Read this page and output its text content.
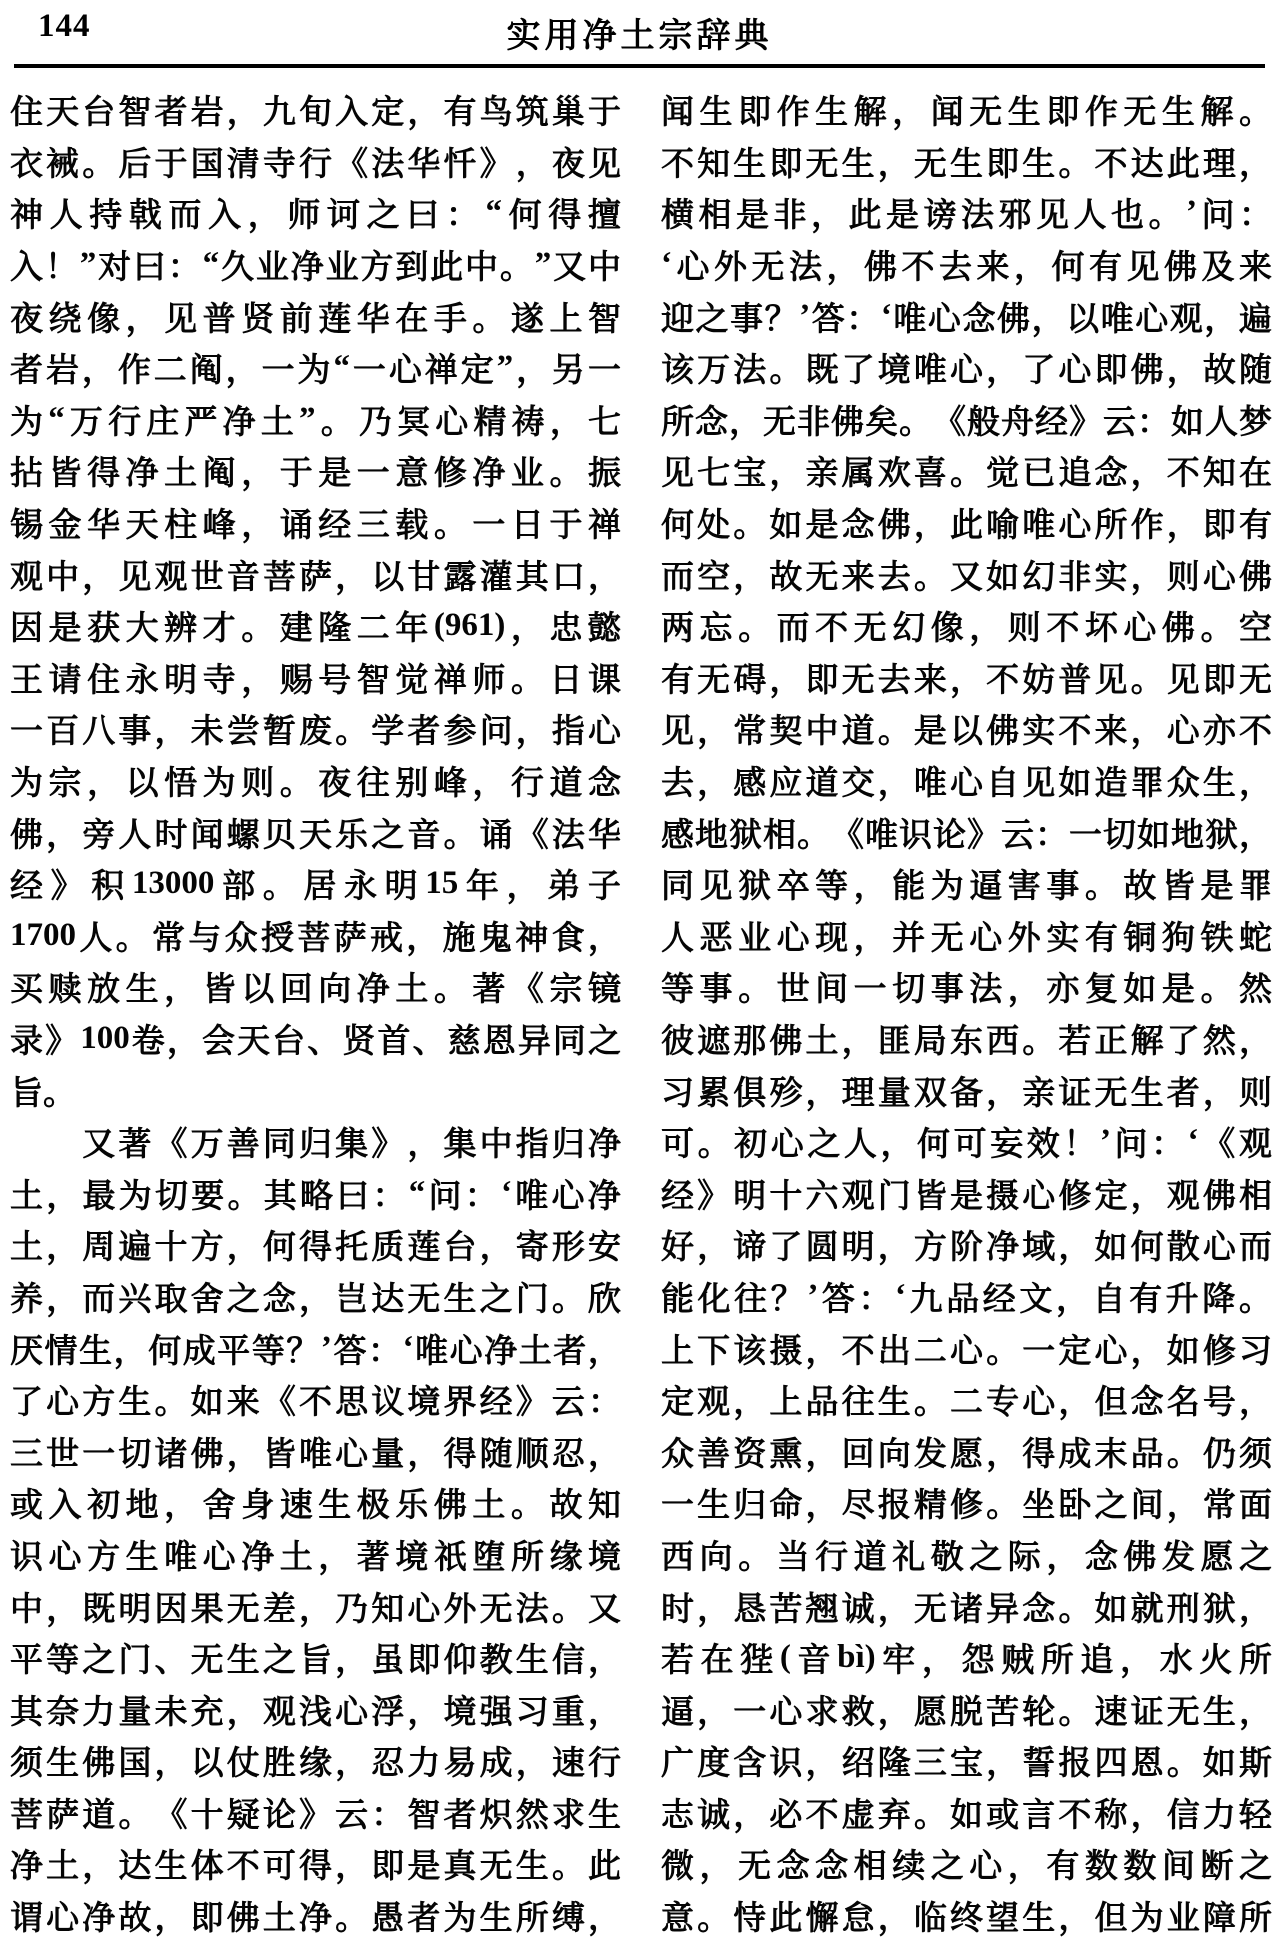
144	实用净土宗辞典
住 天 台 智 者 岩 ， 九 旬 入 定 ， 有 鸟 筑 巢 于
衣 裓 。 后 于 国 清 寺 行 《 法 华 忏 》 ， 夜 见
神 人 持 戟 而 入 ， 师 诃 之 曰 ： “ 何 得 擅
入 ！ ” 对 曰 ： “ 久 业 净 业 方 到 此 中 。 ” 又 中
夜 绕 像 ， 见 普 贤 前 莲 华 在 手 。 遂 上 智
者 岩 ， 作 二 阄 ， 一 为 “ 一 心 禅 定 ” ， 另 一
为 “ 万 行 庄 严 净 土 ” 。 乃 冥 心 精 祷 ， 七
拈 皆 得 净 土 阄 ， 于 是 一 意 修 净 业 。 振
锡 金 华 天 柱 峰 ， 诵 经 三 载 。 一 日 于 禅
观 中 ， 见 观 世 音 菩 萨 ， 以 甘 露 灌 其 口 ，
因 是 获 大 辨 才 。 建 隆 二 年 (961) ， 忠 懿
王 请 住 永 明 寺 ， 赐 号 智 觉 禅 师 。 日 课
一 百 八 事 ， 未 尝 暂 废 。 学 者 参 问 ， 指 心
为 宗 ， 以 悟 为 则 。 夜 往 别 峰 ， 行 道 念
佛 ， 旁 人 时 闻 螺 贝 天 乐 之 音 。 诵 《 法 华
经 》 积 13000 部 。 居 永 明 15 年 ， 弟 子
1700 人 。 常 与 众 授 菩 萨 戒 ， 施 鬼 神 食 ，
买 赎 放 生 ， 皆 以 回 向 净 土 。 著 《 宗 镜
录 》 100 卷 ， 会 天 台 、 贤 首 、 慈 恩 异 同 之
旨 。

又 著 《 万 善 同 归 集 》 ， 集 中 指 归 净
土 ， 最 为 切 要 。 其 略 曰 ： “ 问 ： ‘ 唯 心 净
土 ， 周 遍 十 方 ， 何 得 托 质 莲 台 ， 寄 形 安
养 ， 而 兴 取 舍 之 念 ， 岂 达 无 生 之 门 。 欣
厌 情 生 ， 何 成 平 等 ？ ’ 答 ： ‘ 唯 心 净 土 者 ，
了 心 方 生 。 如 来 《 不 思 议 境 界 经 》 云 ：
三 世 一 切 诸 佛 ， 皆 唯 心 量 ， 得 随 顺 忍 ，
或 入 初 地 ， 舍 身 速 生 极 乐 佛 土 。 故 知
识 心 方 生 唯 心 净 土 ， 著 境 祇 堕 所 缘 境
中 ， 既 明 因 果 无 差 ， 乃 知 心 外 无 法 。 又
平 等 之 门 、 无 生 之 旨 ， 虽 即 仰 教 生 信 ，
其 奈 力 量 未 充 ， 观 浅 心 浮 ， 境 强 习 重 ，
须 生 佛 国 ， 以 仗 胜 缘 ， 忍 力 易 成 ， 速 行
菩 萨 道 。 《 十 疑 论 》 云 ： 智 者 炽 然 求 生
净 土 ， 达 生 体 不 可 得 ， 即 是 真 无 生 。 此
谓 心 净 故 ， 即 佛 土 净 。 愚 者 为 生 所 缚 ，
闻 生 即 作 生 解 ， 闻 无 生 即 作 无 生 解 。
不 知 生 即 无 生 ， 无 生 即 生 。 不 达 此 理 ，
横 相 是 非 ， 此 是 谤 法 邪 见 人 也 。 ’ 问 ：
‘ 心 外 无 法 ， 佛 不 去 来 ， 何 有 见 佛 及 来
迎 之 事 ？ ’ 答 ： ‘ 唯 心 念 佛 ， 以 唯 心 观 ， 遍
该 万 法 。 既 了 境 唯 心 ， 了 心 即 佛 ， 故 随
所 念 ， 无 非 佛 矣 。 《 般 舟 经 》 云 ： 如 人 梦
见 七 宝 ， 亲 属 欢 喜 。 觉 已 追 念 ， 不 知 在
何 处 。 如 是 念 佛 ， 此 喻 唯 心 所 作 ， 即 有
而 空 ， 故 无 来 去 。 又 如 幻 非 实 ， 则 心 佛
两 忘 。 而 不 无 幻 像 ， 则 不 坏 心 佛 。 空
有 无 碍 ， 即 无 去 来 ， 不 妨 普 见 。 见 即 无
见 ， 常 契 中 道 。 是 以 佛 实 不 来 ， 心 亦 不
去 ， 感 应 道 交 ， 唯 心 自 见 如 造 罪 众 生 ，
感 地 狱 相 。 《 唯 识 论 》 云 ： 一 切 如 地 狱 ，
同 见 狱 卒 等 ， 能 为 逼 害 事 。 故 皆 是 罪
人 恶 业 心 现 ， 并 无 心 外 实 有 铜 狗 铁 蛇
等 事 。 世 间 一 切 事 法 ， 亦 复 如 是 。 然
彼 遮 那 佛 土 ， 匪 局 东 西 。 若 正 解 了 然 ，
习 累 俱 殄 ， 理 量 双 备 ， 亲 证 无 生 者 ， 则
可 。 初 心 之 人 ， 何 可 妄 效 ！ ’ 问 ： ‘ 《 观
经 》 明 十 六 观 门 皆 是 摄 心 修 定 ， 观 佛 相
好 ， 谛 了 圆 明 ， 方 阶 净 域 ， 如 何 散 心 而
能 化 往 ？ ’ 答 ： ‘ 九 品 经 文 ， 自 有 升 降 。
上 下 该 摄 ， 不 出 二 心 。 一 定 心 ， 如 修 习
定 观 ， 上 品 往 生 。 二 专 心 ， 但 念 名 号 ，
众 善 资 熏 ， 回 向 发 愿 ， 得 成 末 品 。 仍 须
一 生 归 命 ， 尽 报 精 修 。 坐 卧 之 间 ， 常 面
西 向 。 当 行 道 礼 敬 之 际 ， 念 佛 发 愿 之
时 ， 恳 苦 翘 诚 ， 无 诸 异 念 。 如 就 刑 狱 ，
若 在 狴 ( 音 bì) 牢 ， 怨 贼 所 追 ， 水 火 所
逼 ， 一 心 求 救 ， 愿 脱 苦 轮 。 速 证 无 生 ，
广 度 含 识 ， 绍 隆 三 宝 ， 誓 报 四 恩 。 如 斯
志 诚 ， 必 不 虚 弃 。 如 或 言 不 称 ， 信 力 轻
微 ， 无 念 念 相 续 之 心 ， 有 数 数 间 断 之
意 。 恃 此 懈 怠 ， 临 终 望 生 ， 但 为 业 障 所
